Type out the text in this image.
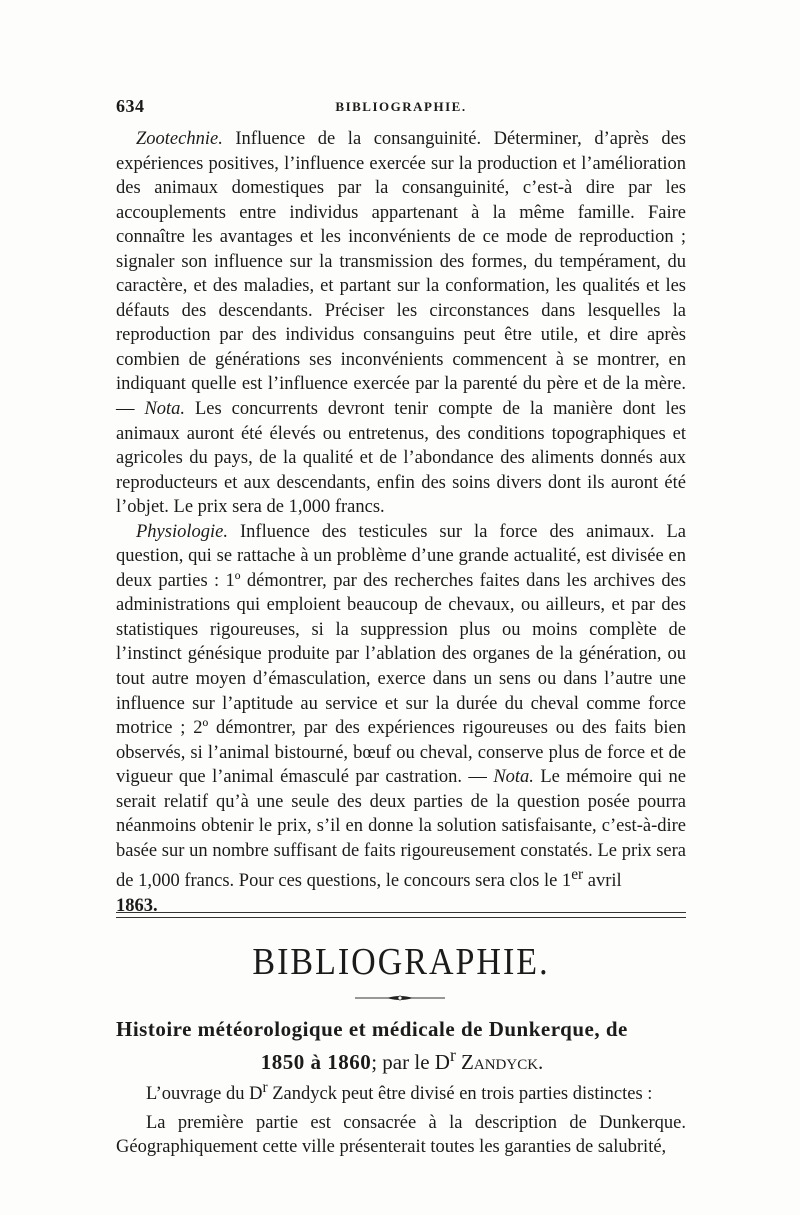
634	BIBLIOGRAPHIE.

Zootechnie. Influence de la consanguinité. Déterminer, d’après des expériences positives, l’influence exercée sur la production et l’amélioration des animaux domestiques par la consanguinité, c’est-à dire par les accouplements entre individus appartenant à la même famille. Faire connaître les avantages et les inconvénients de ce mode de reproduction ; signaler son influence sur la transmission des formes, du tempérament, du caractère, et des maladies, et partant sur la conformation, les qualités et les défauts des descendants. Préciser les circonstances dans lesquelles la reproduction par des individus consanguins peut être utile, et dire après combien de générations ses inconvénients commencent à se montrer, en indiquant quelle est l’influence exercée par la parenté du père et de la mère. — Nota. Les concurrents devront tenir compte de la manière dont les animaux auront été élevés ou entretenus, des conditions topographiques et agricoles du pays, de la qualité et de l’abondance des aliments donnés aux reproducteurs et aux descendants, enfin des soins divers dont ils auront été l’objet. Le prix sera de 1,000 francs.

Physiologie. Influence des testicules sur la force des animaux. La question, qui se rattache à un problème d’une grande actualité, est divisée en deux parties : 1º démontrer, par des recherches faites dans les archives des administrations qui emploient beaucoup de chevaux, ou ailleurs, et par des statistiques rigoureuses, si la suppression plus ou moins complète de l’instinct génésique produite par l’ablation des organes de la génération, ou tout autre moyen d’émasculation, exerce dans un sens ou dans l’autre une influence sur l’aptitude au service et sur la durée du cheval comme force motrice ; 2º démontrer, par des expériences rigoureuses ou des faits bien observés, si l’animal bistourné, bœuf ou cheval, conserve plus de force et de vigueur que l’animal émasculé par castration. — Nota. Le mémoire qui ne serait relatif qu’à une seule des deux parties de la question posée pourra néanmoins obtenir le prix, s’il en donne la solution satisfaisante, c’est-à-dire basée sur un nombre suffisant de faits rigoureusement constatés. Le prix sera de 1,000 francs. Pour ces questions, le concours sera clos le 1er avril
1863.

BIBLIOGRAPHIE.
Histoire météorologique et médicale de Dunkerque, de
1850 à 1860; par le $D^r$ Zandyck.

L’ouvrage du $D^r$ Zandyck peut être divisé en trois parties distinctes :

La première partie est consacrée à la description de Dunkerque. Géographiquement cette ville présenterait toutes les garanties de salubrité,
